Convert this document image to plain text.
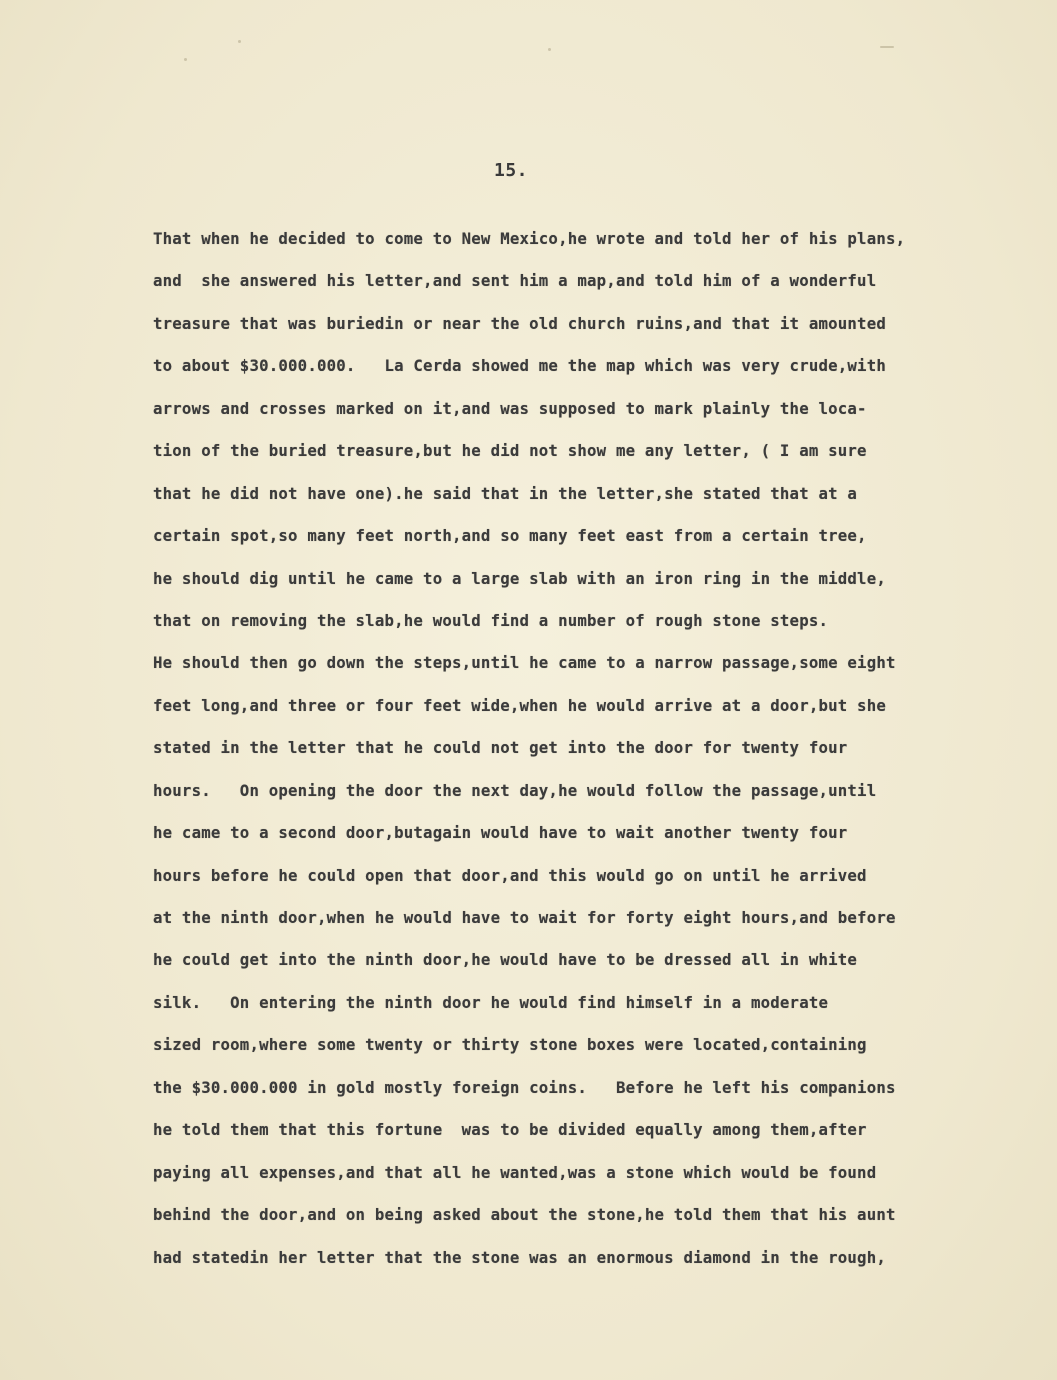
15.
That when he decided to come to New Mexico,he wrote and told her of his plans,
and  she answered his letter,and sent him a map,and told him of a wonderful
treasure that was buriedin or near the old church ruins,and that it amounted
to about $30.000.000.   La Cerda showed me the map which was very crude,with
arrows and crosses marked on it,and was supposed to mark plainly the loca-
tion of the buried treasure,but he did not show me any letter, ( I am sure
that he did not have one).he said that in the letter,she stated that at a
certain spot,so many feet north,and so many feet east from a certain tree,
he should dig until he came to a large slab with an iron ring in the middle,
that on removing the slab,he would find a number of rough stone steps.
He should then go down the steps,until he came to a narrow passage,some eight
feet long,and three or four feet wide,when he would arrive at a door,but she
stated in the letter that he could not get into the door for twenty four
hours.   On opening the door the next day,he would follow the passage,until
he came to a second door,butagain would have to wait another twenty four
hours before he could open that door,and this would go on until he arrived
at the ninth door,when he would have to wait for forty eight hours,and before
he could get into the ninth door,he would have to be dressed all in white
silk.   On entering the ninth door he would find himself in a moderate
sized room,where some twenty or thirty stone boxes were located,containing
the $30.000.000 in gold mostly foreign coins.   Before he left his companions
he told them that this fortune  was to be divided equally among them,after
paying all expenses,and that all he wanted,was a stone which would be found
behind the door,and on being asked about the stone,he told them that his aunt
had statedin her letter that the stone was an enormous diamond in the rough,
